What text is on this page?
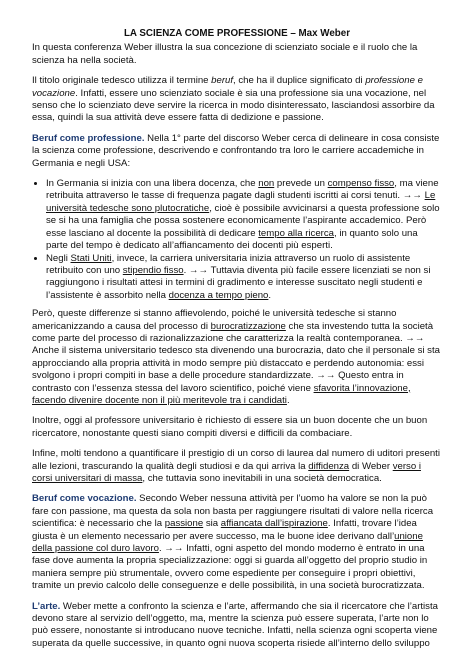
LA SCIENZA COME PROFESSIONE – Max Weber

In questa conferenza Weber illustra la sua concezione di scienziato sociale e il ruolo che la scienza ha nella società.

Il titolo originale tedesco utilizza il termine beruf, che ha il duplice significato di professione e vocazione. Infatti, essere uno scienziato sociale è sia una professione sia una vocazione, nel senso che lo scienziato deve servire la ricerca in modo disinteressato, lasciandosi assorbire da essa, quindi la sua attività deve essere fatta di dedizione e passione.

Beruf come professione. Nella 1° parte del discorso Weber cerca di delineare in cosa consiste la scienza come professione, descrivendo e confrontando tra loro le carriere accademiche in Germania e negli USA:

• In Germania si inizia con una libera docenza, che non prevede un compenso fisso, ma viene retribuita attraverso le tasse di frequenza pagate dagli studenti iscritti ai corsi tenuti. →→ Le università tedesche sono plutocratiche, cioè è possibile avvicinarsi a questa professione solo se si ha una famiglia che possa sostenere economicamente l’aspirante accademico. Però esse lasciano al docente la possibilità di dedicare tempo alla ricerca, in quanto solo una parte del tempo è dedicato all’affiancamento dei docenti più esperti.
• Negli Stati Uniti, invece, la carriera universitaria inizia attraverso un ruolo di assistente retribuito con uno stipendio fisso. →→ Tuttavia diventa più facile essere licenziati se non si raggiungono i risultati attesi in termini di gradimento e interesse suscitato negli studenti e l’assistente è assorbito nella docenza a tempo pieno.

Però, queste differenze si stanno affievolendo, poiché le università tedesche si stanno americanizzando a causa del processo di burocratizzazione che sta investendo tutta la società come parte del processo di razionalizzazione che caratterizza la realtà contemporanea. →→ Anche il sistema universitario tedesco sta divenendo una burocrazia, dato che il personale si sta approcciando alla propria attività in modo sempre più distaccato e perdendo autonomia: essi svolgono i propri compiti in base a delle procedure standardizzate. →→ Questo entra in contrasto con l’essenza stessa del lavoro scientifico, poiché viene sfavorita l’innovazione, facendo divenire docente non il più meritevole tra i candidati.

Inoltre, oggi al professore universitario è richiesto di essere sia un buon docente che un buon ricercatore, nonostante questi siano compiti diversi e difficili da combaciare.

Infine, molti tendono a quantificare il prestigio di un corso di laurea dal numero di uditori presenti alle lezioni, trascurando la qualità degli studiosi e da qui arriva la diffidenza di Weber verso i corsi universitari di massa, che tuttavia sono inevitabili in una società democratica.

Beruf come vocazione. Secondo Weber nessuna attività per l’uomo ha valore se non la può fare con passione, ma questa da sola non basta per raggiungere risultati di valore nella ricerca scientifica: è necessario che la passione sia affiancata dall’ispirazione. Infatti, trovare l’idea giusta è un elemento necessario per avere successo, ma le buone idee derivano dall’unione della passione col duro lavoro. →→ Infatti, ogni aspetto del mondo moderno è entrato in una fase dove aumenta la propria specializzazione: oggi si guarda all’oggetto del proprio studio in maniera sempre più strumentale, ovvero come espediente per conseguire i propri obiettivi, tramite un previo calcolo delle conseguenze e delle possibilità, in una società burocratizzata.

L’arte. Weber mette a confronto la scienza e l’arte, affermando che sia il ricercatore che l’artista devono stare al servizio dell’oggetto, ma, mentre la scienza può essere superata, l’arte non lo può essere, nonostante si introducano nuove tecniche. Infatti, nella scienza ogni scoperta viene superata da quelle successive, in quanto ogni nuova scoperta risiede all’interno dello sviluppo
